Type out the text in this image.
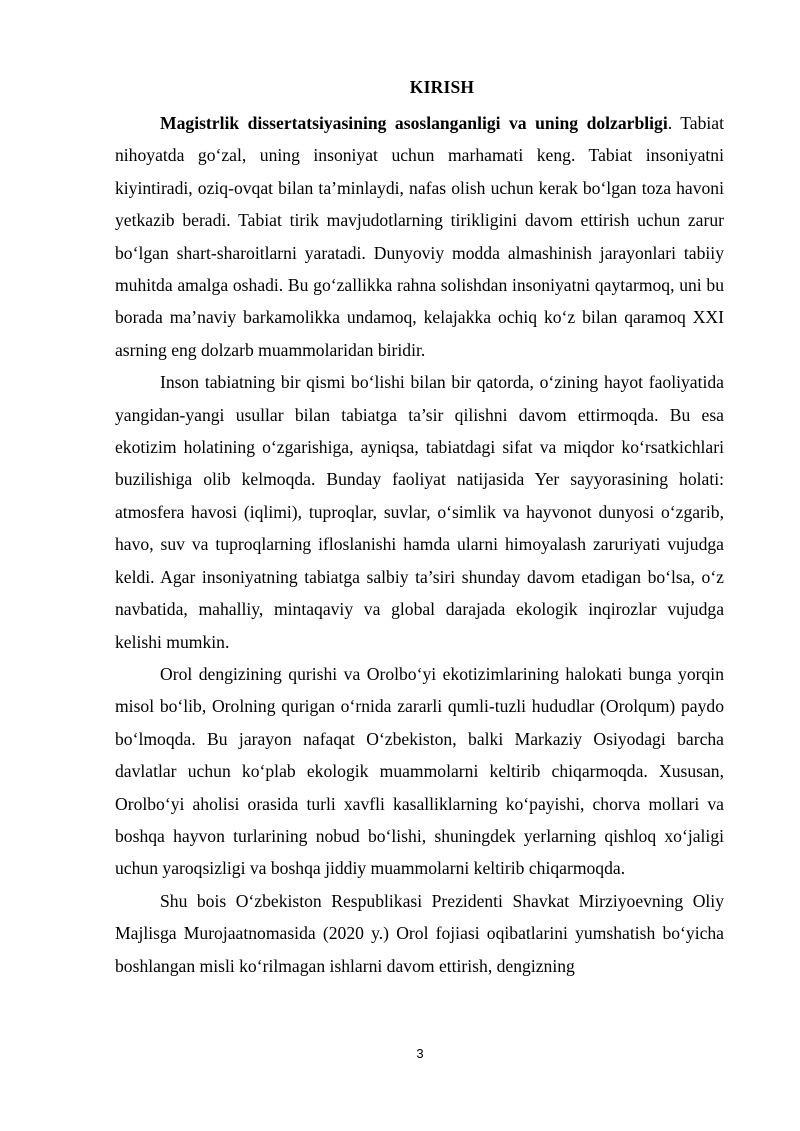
KIRISH

Magistrlik dissertatsiyasining asoslanganligi va uning dolzarbligi. Tabiat nihoyatda go‘zal, uning insoniyat uchun marhamati keng. Tabiat insoniyatni kiyintiradi, oziq-ovqat bilan ta’minlaydi, nafas olish uchun kerak bo‘lgan toza havoni yetkazib beradi. Tabiat tirik mavjudotlarning tirikligini davom ettirish uchun zarur bo‘lgan shart-sharoitlarni yaratadi. Dunyoviy modda almashinish jarayonlari tabiiy muhitda amalga oshadi. Bu go‘zallikka rahna solishdan insoniyatni qaytarmoq, uni bu borada ma’naviy barkamolikka undamoq, kelajakka ochiq ko‘z bilan qaramoq XXI asrning eng dolzarb muammolaridan biridir.

Inson tabiatning bir qismi bo‘lishi bilan bir qatorda, o‘zining hayot faoliyatida yangidan-yangi usullar bilan tabiatga ta’sir qilishni davom ettirmoqda. Bu esa ekotizim holatining o‘zgarishiga, ayniqsa, tabiatdagi sifat va miqdor ko‘rsatkichlari buzilishiga olib kelmoqda. Bunday faoliyat natijasida Yer sayyorasining holati: atmosfera havosi (iqlimi), tuproqlar, suvlar, o‘simlik va hayvonot dunyosi o‘zgarib, havo, suv va tuproqlarning ifloslanishi hamda ularni himoyalash zaruriyati vujudga keldi. Agar insoniyatning tabiatga salbiy ta’siri shunday davom etadigan bo‘lsa, o‘z navbatida, mahalliy, mintaqaviy va global darajada ekologik inqirozlar vujudga kelishi mumkin.

Orol dengizining qurishi va Orolbo‘yi ekotizimlarining halokati bunga yorqin misol bo‘lib, Orolning qurigan o‘rnida zararli qumli-tuzli hududlar (Orolqum) paydo bo‘lmoqda. Bu jarayon nafaqat O‘zbekiston, balki Markaziy Osiyodagi barcha davlatlar uchun ko‘plab ekologik muammolarni keltirib chiqarmoqda. Xususan, Orolbo‘yi aholisi orasida turli xavfli kasalliklarning ko‘payishi, chorva mollari va boshqa hayvon turlarining nobud bo‘lishi, shuningdek yerlarning qishloq xo‘jaligi uchun yaroqsizligi va boshqa jiddiy muammolarni keltirib chiqarmoqda.

Shu bois O‘zbekiston Respublikasi Prezidenti Shavkat Mirziyoevning Oliy Majlisga Murojaatnomasida (2020 y.) Orol fojiasi oqibatlarini yumshatish bo‘yicha boshlangan misli ko‘rilmagan ishlarni davom ettirish, dengizning

3
